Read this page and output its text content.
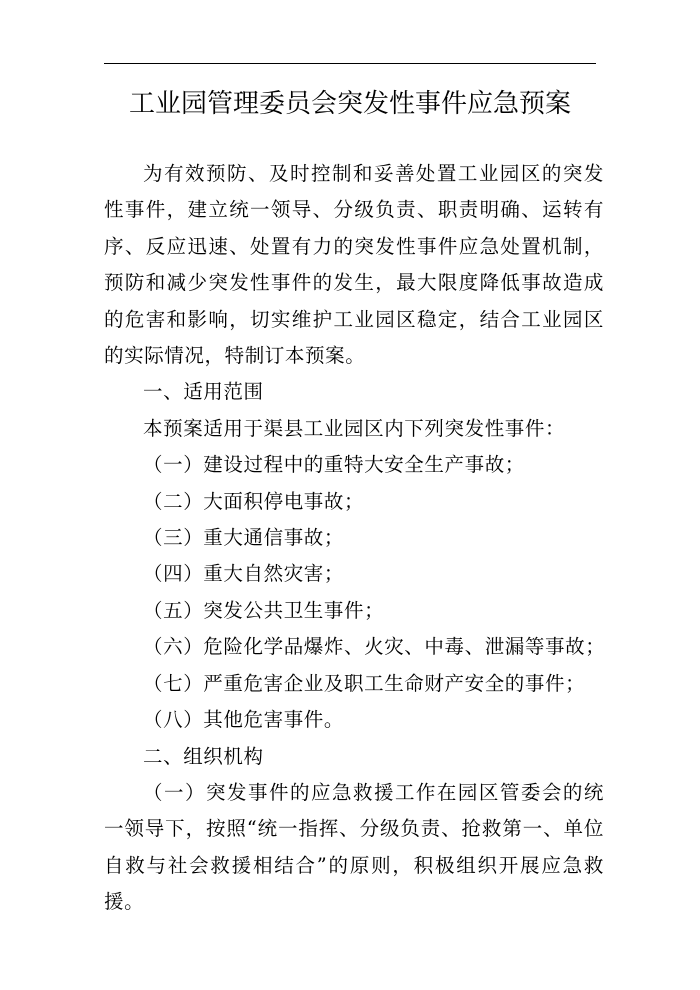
工业园管理委员会突发性事件应急预案

为有效预防、及时控制和妥善处置工业园区的突发性事件，建立统一领导、分级负责、职责明确、运转有序、反应迅速、处置有力的突发性事件应急处置机制，预防和减少突发性事件的发生，最大限度降低事故造成的危害和影响，切实维护工业园区稳定，结合工业园区的实际情况，特制订本预案。

一、适用范围

本预案适用于渠县工业园区内下列突发性事件：

（一）建设过程中的重特大安全生产事故；

（二）大面积停电事故；

（三）重大通信事故；

（四）重大自然灾害；

（五）突发公共卫生事件；

（六）危险化学品爆炸、火灾、中毒、泄漏等事故；

（七）严重危害企业及职工生命财产安全的事件；

（八）其他危害事件。

二、组织机构

（一）突发事件的应急救援工作在园区管委会的统一领导下，按照“统一指挥、分级负责、抢救第一、单位自救与社会救援相结合”的原则，积极组织开展应急救援。
